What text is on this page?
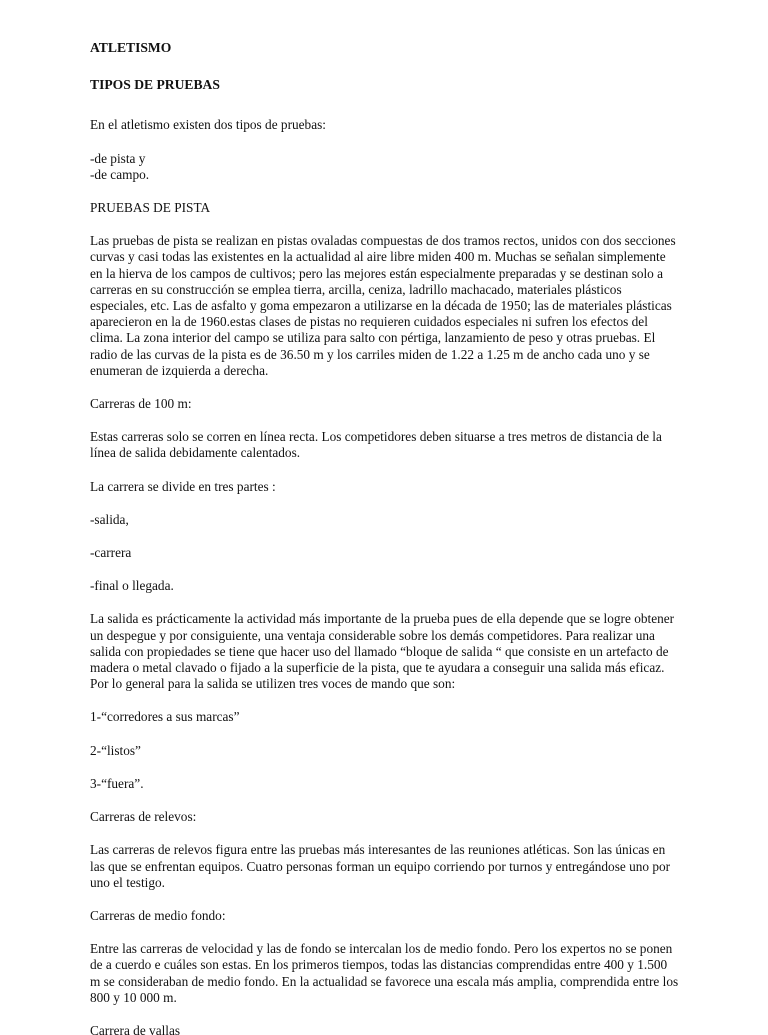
ATLETISMO

TIPOS DE PRUEBAS

En el atletismo existen dos tipos de pruebas:

-de pista y
-de campo.

PRUEBAS DE PISTA

Las pruebas de pista se realizan en pistas ovaladas compuestas de dos tramos rectos, unidos con dos secciones curvas y casi todas las existentes en la actualidad al aire libre miden 400 m. Muchas se señalan simplemente en la hierva de los campos de cultivos; pero las mejores están especialmente preparadas y se destinan solo a carreras en su construcción se emplea tierra, arcilla, ceniza, ladrillo machacado, materiales plásticos especiales, etc. Las de asfalto y goma empezaron a utilizarse en la década de 1950; las de materiales plásticas aparecieron en la de 1960.estas clases de pistas no requieren cuidados especiales ni sufren los efectos del clima. La zona interior del campo se utiliza para salto con pértiga, lanzamiento de peso y otras pruebas. El radio de las curvas de la pista es de 36.50 m y los carriles miden de 1.22 a 1.25 m de ancho cada uno y se enumeran de izquierda a derecha.

Carreras de 100 m:

Estas carreras solo se corren en línea recta. Los competidores deben situarse a tres metros de distancia de la línea de salida debidamente calentados.

La carrera se divide en tres partes :

-salida,

-carrera

-final o llegada.

La salida es prácticamente la actividad más importante de la prueba pues de ella depende que se logre obtener un despegue y por consiguiente, una ventaja considerable sobre los demás competidores. Para realizar una salida con propiedades se tiene que hacer uso del llamado “bloque de salida “ que consiste en un artefacto de madera o metal clavado o fijado a la superficie de la pista, que te ayudara a conseguir una salida más eficaz. Por lo general para la salida se utilizen tres voces de mando que son:

1-“corredores a sus marcas”

2-“listos”

3-“fuera”.

Carreras de relevos:

Las carreras de relevos figura entre las pruebas más interesantes de las reuniones atléticas. Son las únicas en las que se enfrentan equipos. Cuatro personas forman un equipo corriendo por turnos y entregándose uno por uno el testigo.

Carreras de medio fondo:

Entre las carreras de velocidad y las de fondo se intercalan los de medio fondo. Pero los expertos no se ponen de a cuerdo e cuáles son estas. En los primeros tiempos, todas las distancias comprendidas entre 400 y 1.500 m se consideraban de medio fondo. En la actualidad se favorece una escala más amplia, comprendida entre los 800 y 10 000 m.

Carrera de vallas
